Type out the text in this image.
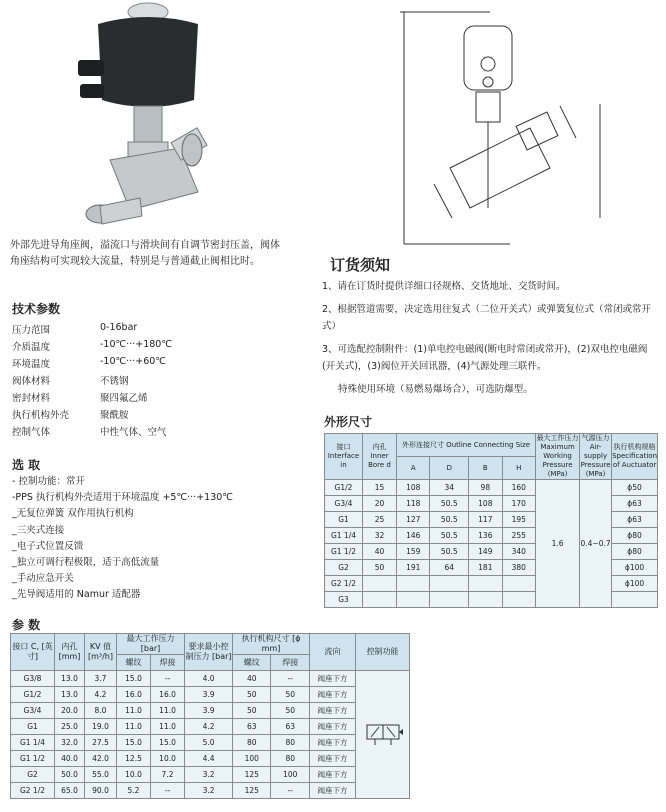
外部先进导角座阀，溢流口与滑块间有自调节密封压盖，阀体
角座结构可实现较大流量，特别是与普通截止阀相比时。
技术参数
压力范围	0-16bar
介质温度	-10℃···+180℃
环境温度	-10℃···+60℃
阀体材料	不锈钢
密封材料	聚四氟乙烯
执行机构外壳	聚酰胺
控制气体	中性气体、空气
选 取
- 控制功能：常开
-PPS 执行机构外壳适用于环境温度 +5℃···+130℃
_无复位弹簧 双作用执行机构
_三夹式连接
_电子式位置反馈
_独立可调行程极限，适于高低流量
_手动应急开关
_先导阀适用的 Namur 适配器
订货须知

1、请在订货时提供详细口径规格、交货地址、交货时间。

2、根据管道需要，决定选用往复式（二位开关式）或弹簧复位式（常闭或常开式）

3、可选配控制附件：(1)单电控电磁阀(断电时常闭或常开)，(2)双电控电磁阀(开关式)，(3)阀位开关回讯器，(4)气源处理三联件。

特殊使用环境（易燃易爆场合），可选防爆型。

外形尺寸
接口 Interface in	内孔 Inner Bore d	外形连接尺寸 Outline Connecting Size				最大工作压力 Maximum Working Pressure (MPa)	气源压力 Air-supply Pressure (MPa)	执行机构规格 Specification of Auctuator
		A	D	B	H			
G1/2	15	108	34	98	160	1.6	0.4~0.7	ϕ50
G3/4	20	118	50.5	108	170			ϕ63
G1	25	127	50.5	117	195			ϕ63
G1 1/4	32	146	50.5	136	255			ϕ80
G1 1/2	40	159	50.5	149	340			ϕ80
G2	50	191	64	181	380			ϕ100
G2 1/2								ϕ100
G3								
参 数
接口 C, [英寸]	内孔 [mm]	KV 值 [m³/h]	最大工作压力 [bar]		要求最小控制压力 [bar]	执行机构尺寸 [ϕ mm]		流向	控制功能
			螺纹	焊接		螺纹	焊接		
G3/8	13.0	3.7	15.0	--	4.0	40	--	阀座下方	
G1/2	13.0	4.2	16.0	16.0	3.9	50	50	阀座下方	
G3/4	20.0	8.0	11.0	11.0	3.9	50	50	阀座下方	
G1	25.0	19.0	11.0	11.0	4.2	63	63	阀座下方	
G1 1/4	32.0	27.5	15.0	15.0	5.0	80	80	阀座下方	
G1 1/2	40.0	42.0	12.5	10.0	4.4	100	80	阀座下方	
G2	50.0	55.0	10.0	7.2	3.2	125	100	阀座下方	
G2 1/2	65.0	90.0	5.2	--	3.2	125	--	阀座下方	
